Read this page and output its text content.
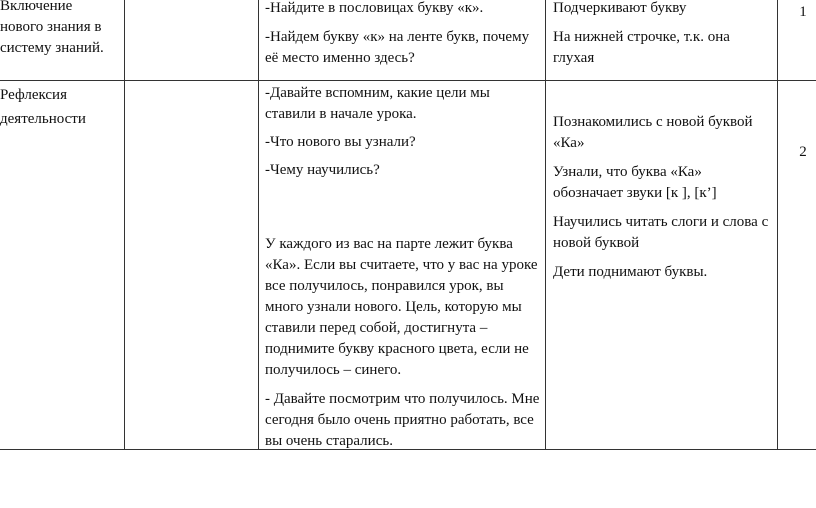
Включение нового знания в систему знаний.

-Найдите в пословицах букву «к».

-Найдем букву «к» на ленте букв, почему её место именно здесь?

Подчеркивают букву

На нижней строчке, т.к. она глухая

1

Рефлексия деятельности

-Давайте вспомним, какие цели мы ставили в начале урока.

-Что нового вы узнали?

-Чему научились?

У каждого из вас на парте лежит буква «Ка». Если вы считаете, что у вас на уроке все получилось, понравился урок, вы много узнали нового. Цель, которую мы ставили перед собой, достигнута – поднимите букву красного цвета, если не получилось – синего.

- Давайте посмотрим что получилось. Мне сегодня было очень приятно работать, все вы очень старались.

Познакомились с новой буквой «Ка»

Узнали, что буква «Ка» обозначает звуки [к ], [к’]

Научились читать слоги и слова с новой буквой

Дети поднимают буквы.

2
